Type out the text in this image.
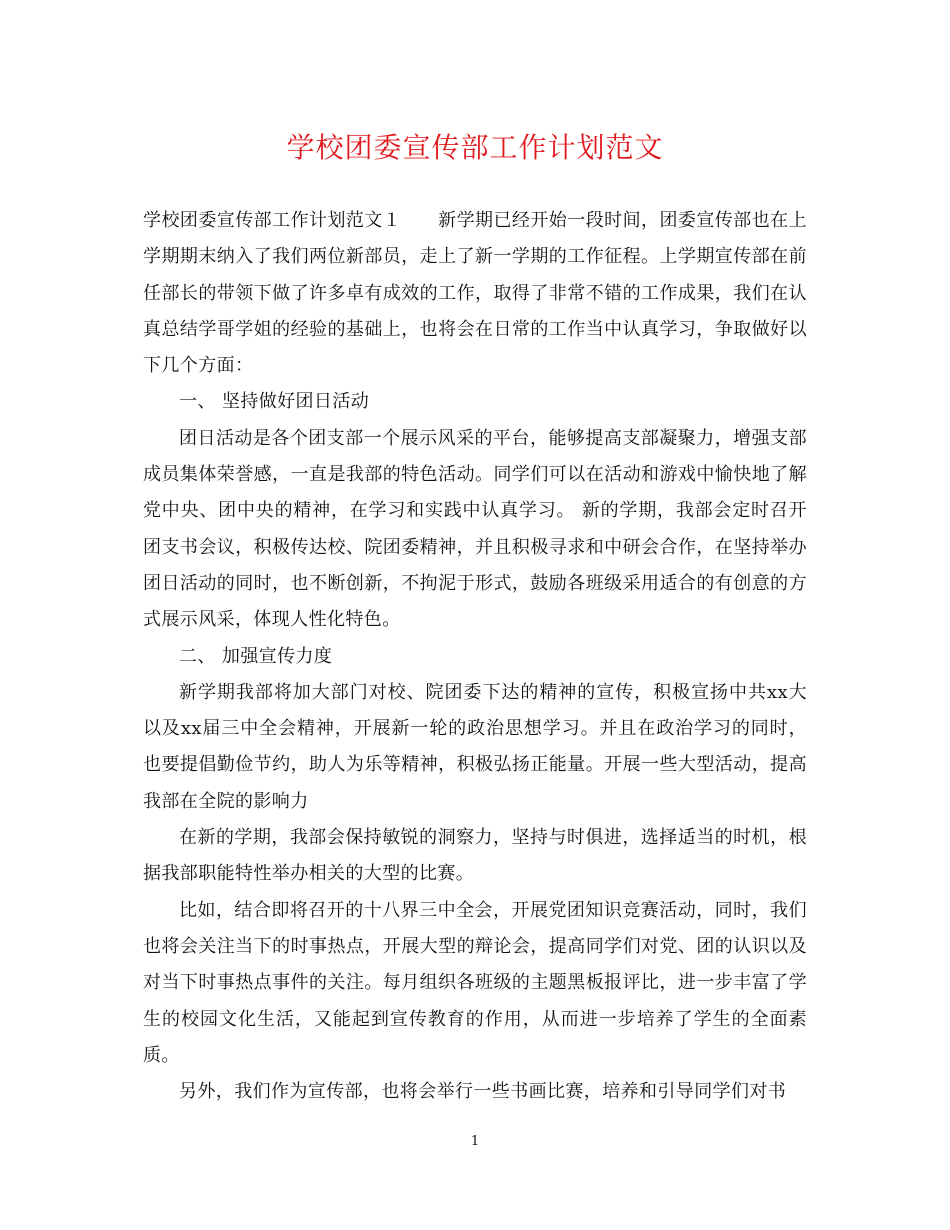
学校团委宣传部工作计划范文

学校团委宣传部工作计划范文１　　新学期已经开始一段时间，团委宣传部也在上学期期末纳入了我们两位新部员，走上了新一学期的工作征程。上学期宣传部在前任部长的带领下做了许多卓有成效的工作，取得了非常不错的工作成果，我们在认真总结学哥学姐的经验的基础上，也将会在日常的工作当中认真学习，争取做好以下几个方面：

一、 坚持做好团日活动

团日活动是各个团支部一个展示风采的平台，能够提高支部凝聚力，增强支部成员集体荣誉感，一直是我部的特色活动。同学们可以在活动和游戏中愉快地了解党中央、团中央的精神，在学习和实践中认真学习。 新的学期，我部会定时召开团支书会议，积极传达校、院团委精神，并且积极寻求和中研会合作，在坚持举办团日活动的同时，也不断创新，不拘泥于形式，鼓励各班级采用适合的有创意的方式展示风采，体现人性化特色。

二、 加强宣传力度

新学期我部将加大部门对校、院团委下达的精神的宣传，积极宣扬中共xx大以及xx届三中全会精神，开展新一轮的政治思想学习。并且在政治学习的同时，也要提倡勤俭节约，助人为乐等精神，积极弘扬正能量。开展一些大型活动，提高我部在全院的影响力

在新的学期，我部会保持敏锐的洞察力，坚持与时俱进，选择适当的时机，根据我部职能特性举办相关的大型的比赛。

比如，结合即将召开的十八界三中全会，开展党团知识竞赛活动，同时，我们也将会关注当下的时事热点，开展大型的辩论会，提高同学们对党、团的认识以及对当下时事热点事件的关注。每月组织各班级的主题黑板报评比，进一步丰富了学生的校园文化生活，又能起到宣传教育的作用，从而进一步培养了学生的全面素质。

另外，我们作为宣传部，也将会举行一些书画比赛，培养和引导同学们对书

1
